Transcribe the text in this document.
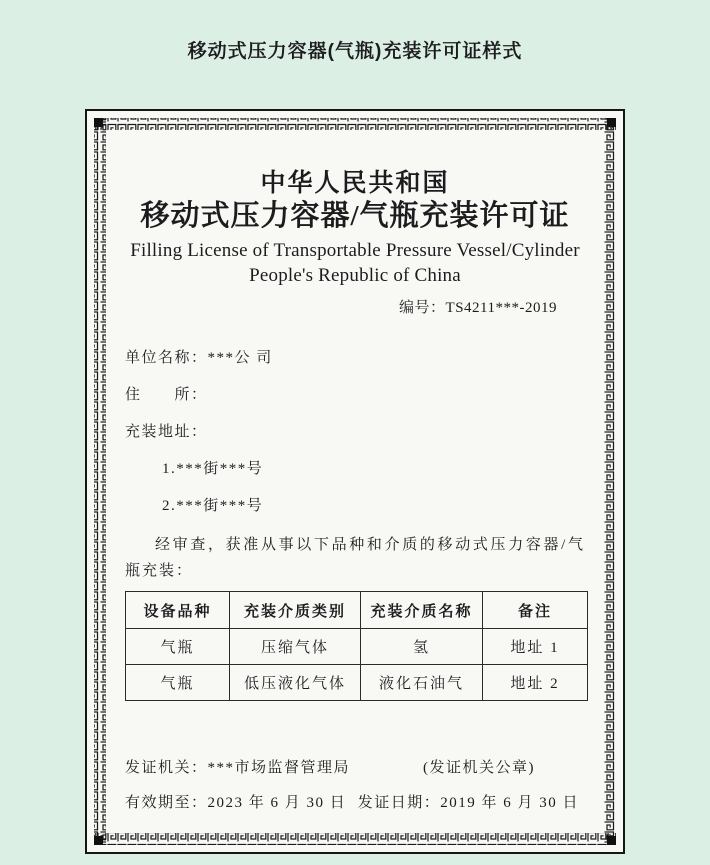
移动式压力容器(气瓶)充装许可证样式
中华人民共和国
移动式压力容器/气瓶充装许可证
Filling License of Transportable Pressure Vessel/Cylinder
People's Republic of China
编号：TS4211***-2019
单位名称：***公 司
住　　所：
充装地址：
1.***街***号
2.***街***号
经审查，获准从事以下品种和介质的移动式压力容器/气瓶充装：
设备品种	充装介质类别	充装介质名称	备注
气瓶	压缩气体	氢	地址 1
气瓶	低压液化气体	液化石油气	地址 2
发证机关：***市场监督管理局	(发证机关公章)
有效期至：2023 年 6 月 30 日 发证日期：2019 年 6 月 30 日
